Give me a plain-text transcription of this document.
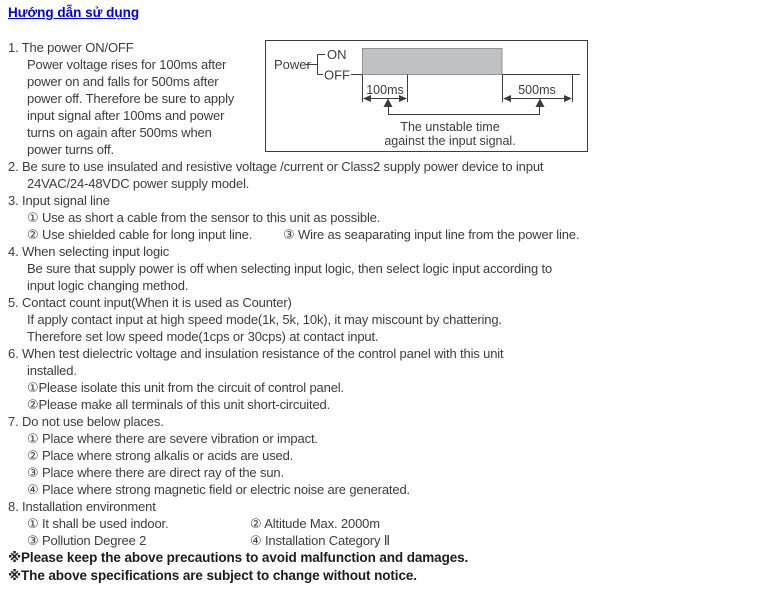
Hướng dẫn sử dụng
1. The power ON/OFF
Power voltage rises for 100ms after
power on and falls for 500ms after
power off. Therefore be sure to apply
input signal after 100ms and power
turns on again after 500ms when
power turns off.
2. Be sure to use insulated and resistive voltage /current or Class2 supply power device to input
24VAC/24-48VDC power supply model.
3. Input signal line
① Use as short a cable from the sensor to this unit as possible.
② Use shielded cable for long input line. ③ Wire as seaparating input line from the power line.
4. When selecting input logic
Be sure that supply power is off when selecting input logic, then select logic input according to
input logic changing method.
5. Contact count input(When it is used as Counter)
If apply contact input at high speed mode(1k, 5k, 10k), it may miscount by chattering.
Therefore set low speed mode(1cps or 30cps) at contact input.
6. When test dielectric voltage and insulation resistance of the control panel with this unit
installed.
①Please isolate this unit from the circuit of control panel.
②Please make all terminals of this unit short-circuited.
7. Do not use below places.
① Place where there are severe vibration or impact.
② Place where strong alkalis or acids are used.
③ Place where there are direct ray of the sun.
④ Place where strong magnetic field or electric noise are generated.
8. Installation environment
① It shall be used indoor.	② Altitude Max. 2000m
③ Pollution Degree 2	④ Installation Category Ⅱ
Power
ON
OFF
100ms	500ms
The unstable time
against the input signal.
※Please keep the above precautions to avoid malfunction and damages.
※The above specifications are subject to change without notice.
